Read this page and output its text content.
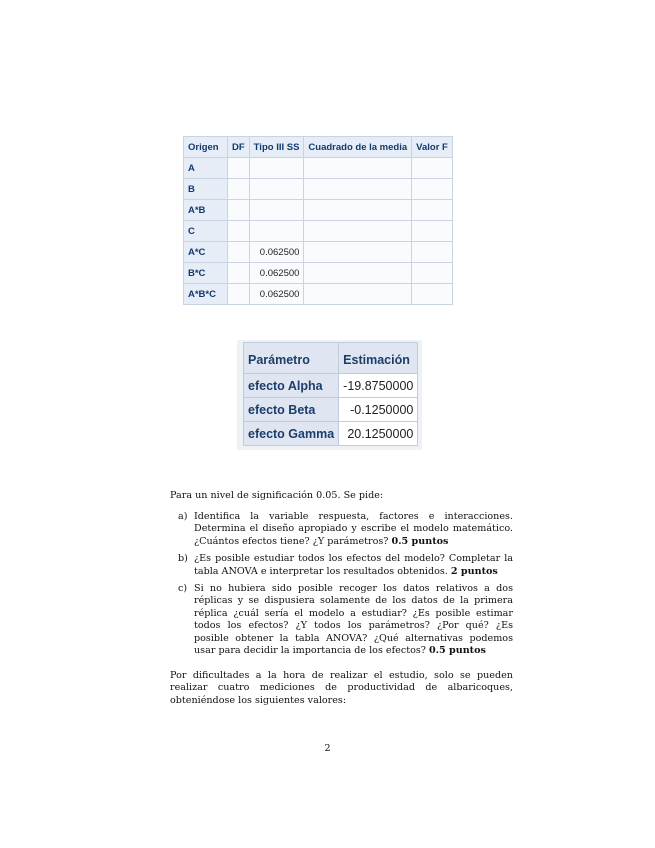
Origen	DF	Tipo III SS	Cuadrado de la media	Valor F
A				
B				
A*B				
C				
A*C		0.062500		
B*C		0.062500		
A*B*C		0.062500		
Parámetro	Estimación
efecto Alpha	-19.8750000
efecto Beta	-0.1250000
efecto Gamma	20.1250000
Para un nivel de significación 0.05. Se pide:
a) Identifica la variable respuesta, factores e interacciones. Determina el diseño apropiado y escribe el modelo matemático. ¿Cuántos efectos tiene? ¿Y parámetros? 0.5 puntos
b) ¿Es posible estudiar todos los efectos del modelo? Completar la tabla ANOVA e interpretar los resultados obtenidos. 2 puntos
c) Si no hubiera sido posible recoger los datos relativos a dos réplicas y se dispusiera solamente de los datos de la primera réplica ¿cuál sería el modelo a estudiar? ¿Es posible estimar todos los efectos? ¿Y todos los parámetros? ¿Por qué? ¿Es posible obtener la tabla ANOVA? ¿Qué alternativas podemos usar para decidir la importancia de los efectos? 0.5 puntos
Por dificultades a la hora de realizar el estudio, solo se pueden realizar cuatro mediciones de productividad de albaricoques, obteniéndose los siguientes valores:
2
